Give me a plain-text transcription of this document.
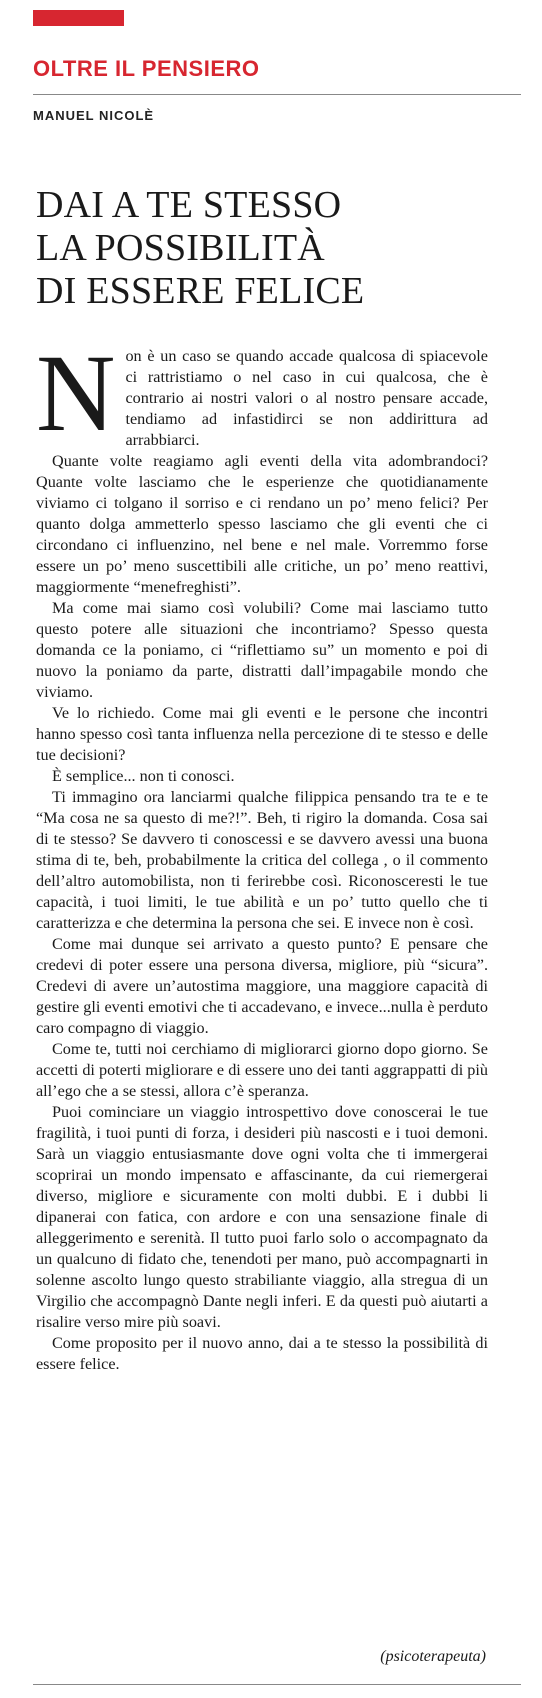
OLTRE IL PENSIERO
MANUEL NICOLÈ
DAI A TE STESSO
LA POSSIBILITÀ
DI ESSERE FELICE

Non è un caso se quando accade qualcosa di spiacevole ci rattristiamo o nel caso in cui qualcosa, che è contrario ai nostri valori o al nostro pensare accade, tendiamo ad infastidirci se non addirittura ad arrabbiarci.

Quante volte reagiamo agli eventi della vita adombrandoci? Quante volte lasciamo che le esperienze che quotidianamente viviamo ci tolgano il sorriso e ci rendano un po’ meno felici? Per quanto dolga ammetterlo spesso lasciamo che gli eventi che ci circondano ci influenzino, nel bene e nel male. Vorremmo forse essere un po’ meno suscettibili alle critiche, un po’ meno reattivi, maggiormente “menefreghisti”.

Ma come mai siamo così volubili? Come mai lasciamo tutto questo potere alle situazioni che incontriamo? Spesso questa domanda ce la poniamo, ci “riflettiamo su” un momento e poi di nuovo la poniamo da parte, distratti dall’impagabile mondo che viviamo.

Ve lo richiedo. Come mai gli eventi e le persone che incontri hanno spesso così tanta influenza nella percezione di te stesso e delle tue decisioni?

È semplice... non ti conosci.

Ti immagino ora lanciarmi qualche filippica pensando tra te e te “Ma cosa ne sa questo di me?!”. Beh, ti rigiro la domanda. Cosa sai di te stesso? Se davvero ti conoscessi e se davvero avessi una buona stima di te, beh, probabilmente la critica del collega , o il commento dell’altro automobilista, non ti ferirebbe così. Riconosceresti le tue capacità, i tuoi limiti, le tue abilità e un po’ tutto quello che ti caratterizza e che determina la persona che sei. E invece non è così.

Come mai dunque sei arrivato a questo punto? E pensare che credevi di poter essere una persona diversa, migliore, più “sicura”. Credevi di avere un’autostima maggiore, una maggiore capacità di gestire gli eventi emotivi che ti accadevano, e invece...nulla è perduto caro compagno di viaggio.

Come te, tutti noi cerchiamo di migliorarci giorno dopo giorno. Se accetti di poterti migliorare e di essere uno dei tanti aggrappatti di più all’ego che a se stessi, allora c’è speranza.

Puoi cominciare un viaggio introspettivo dove conoscerai le tue fragilità, i tuoi punti di forza, i desideri più nascosti e i tuoi demoni. Sarà un viaggio entusiasmante dove ogni volta che ti immergerai scoprirai un mondo impensato e affascinante, da cui riemergerai diverso, migliore e sicuramente con molti dubbi. E i dubbi li dipanerai con fatica, con ardore e con una sensazione finale di alleggerimento e serenità. Il tutto puoi farlo solo o accompagnato da un qualcuno di fidato che, tenendoti per mano, può accompagnarti in solenne ascolto lungo questo strabiliante viaggio, alla stregua di un Virgilio che accompagnò Dante negli inferi. E da questi può aiutarti a risalire verso mire più soavi.

Come proposito per il nuovo anno, dai a te stesso la possibilità di essere felice.

(psicoterapeuta)
